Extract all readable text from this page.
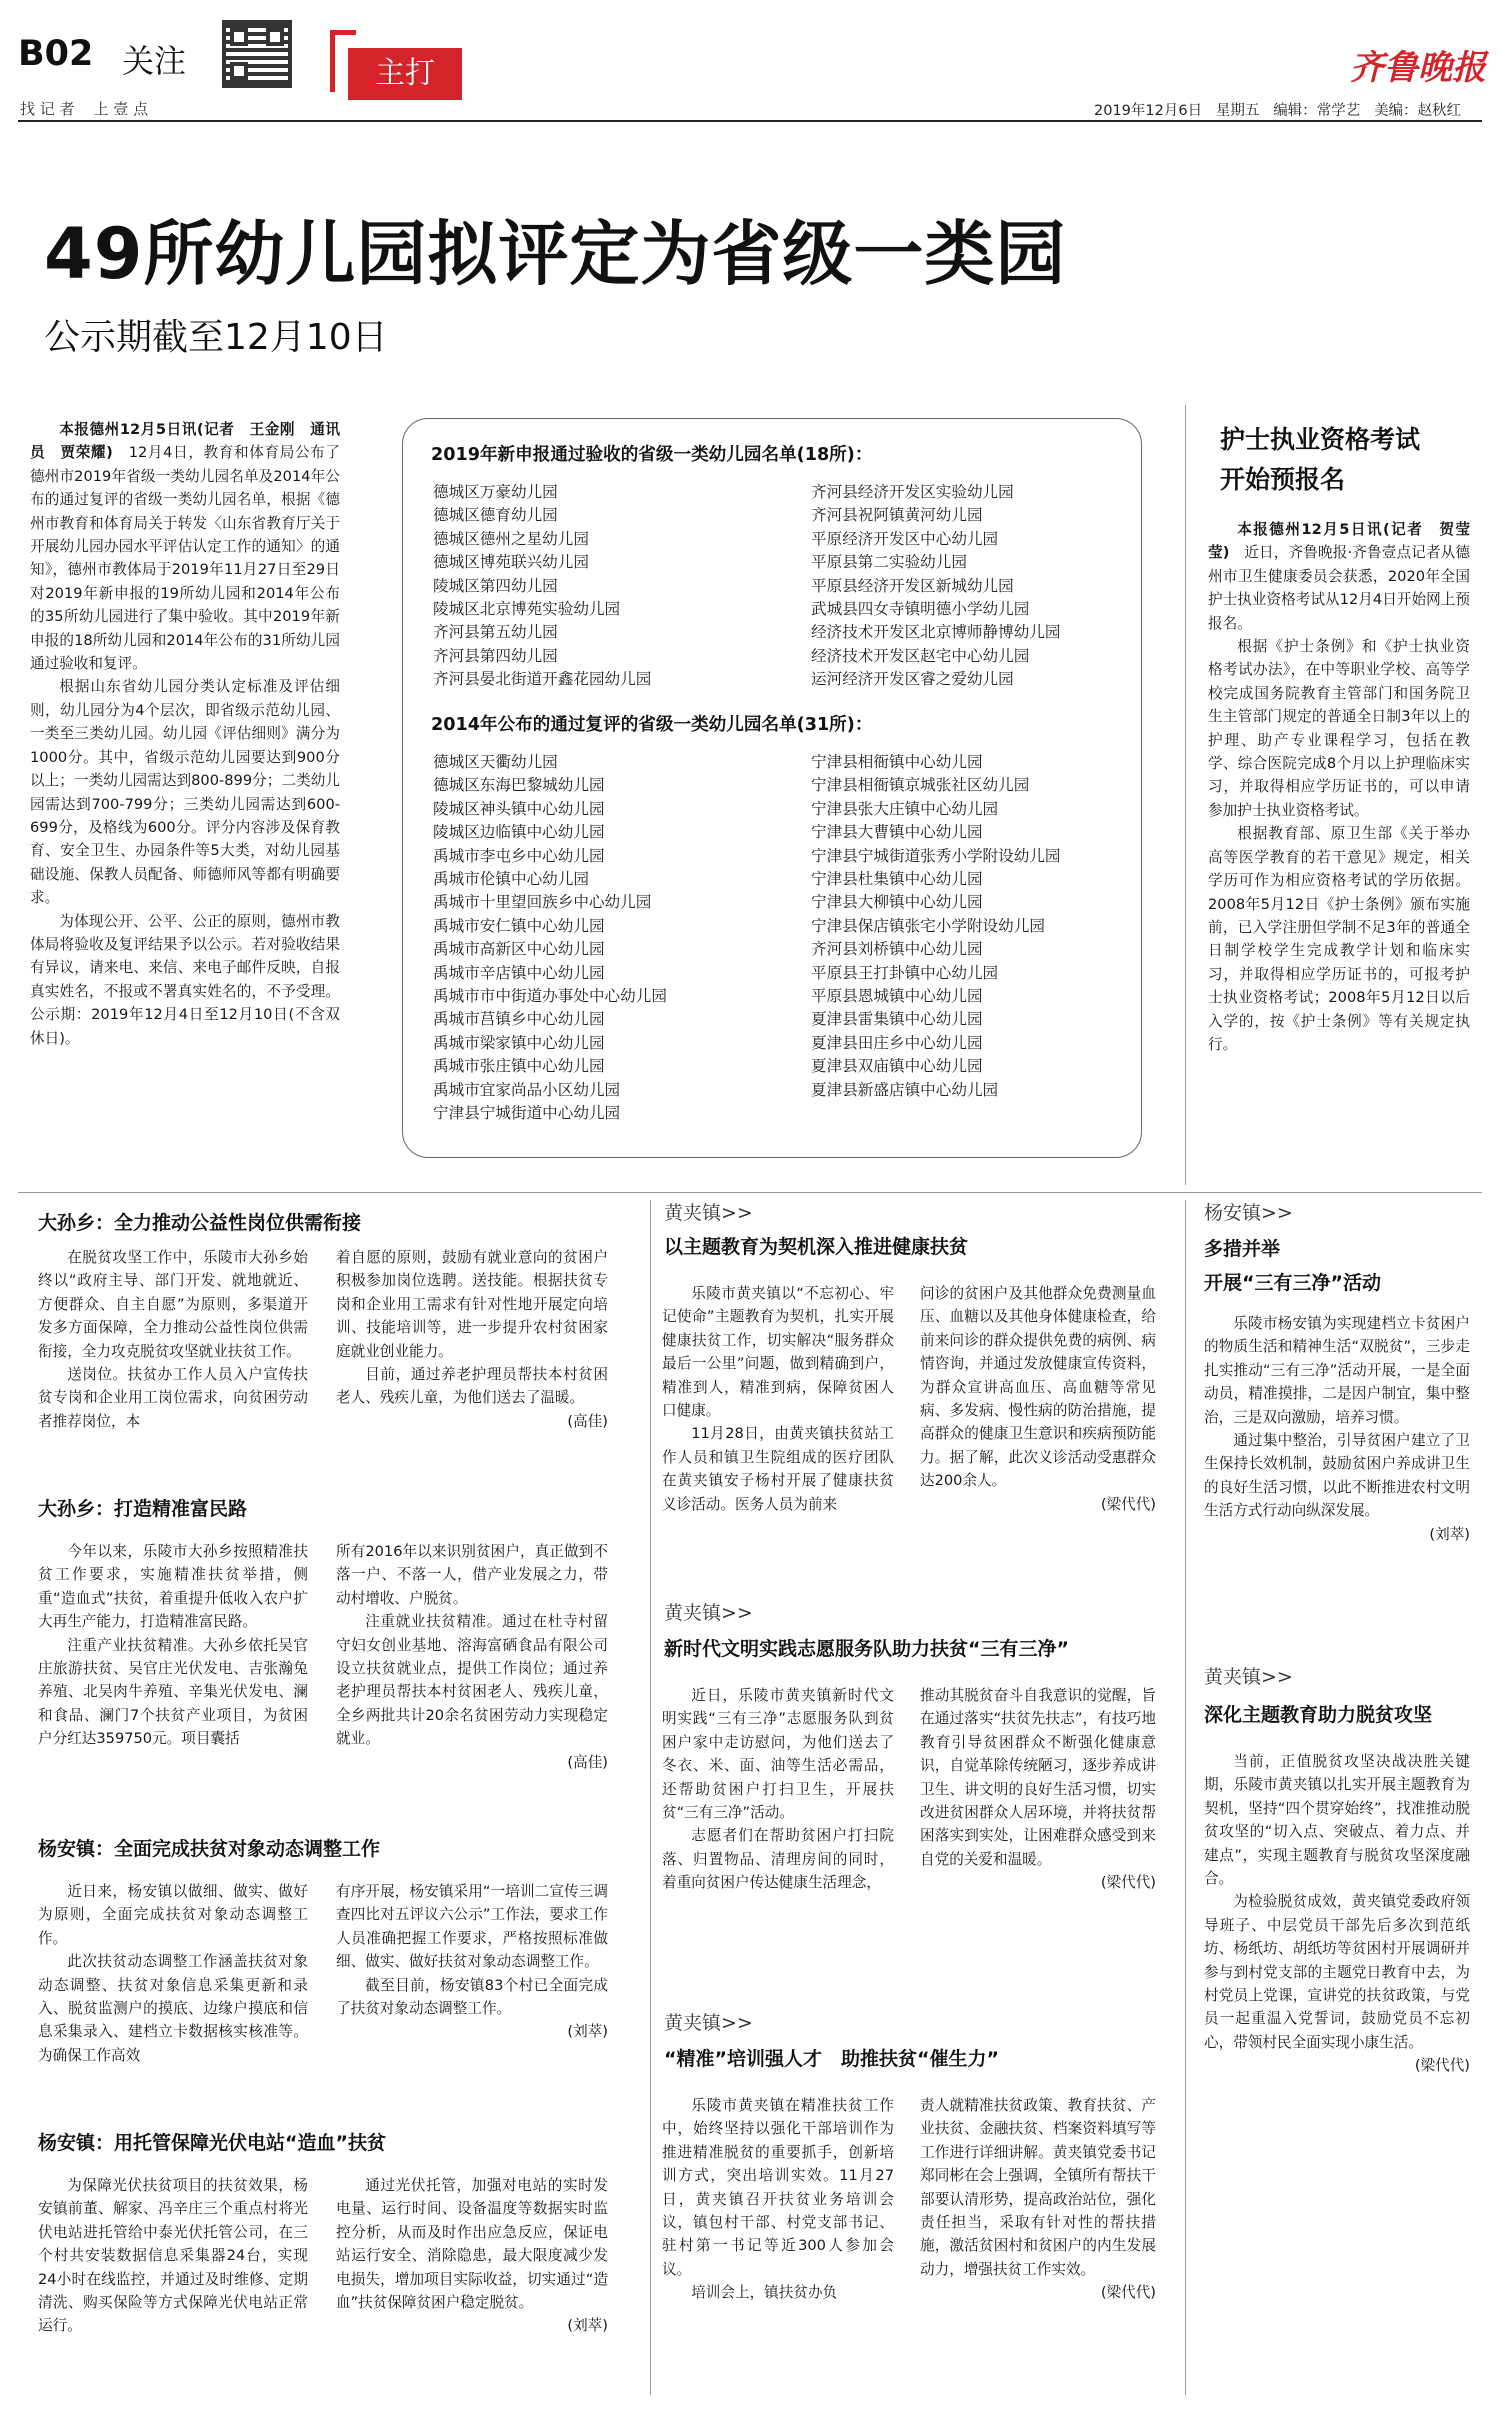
B02 关注
找 记 者    上 壹 点
主打	齐鲁晚报
2019年12月6日 星期五 编辑：常学艺 美编：赵秋红
49所幼儿园拟评定为省级一类园
公示期截至12月10日

本报德州12月5日讯(记者　王金刚　通讯员　贾荣耀)　12月4日，教育和体育局公布了德州市2019年省级一类幼儿园名单及2014年公布的通过复评的省级一类幼儿园名单，根据《德州市教育和体育局关于转发〈山东省教育厅关于开展幼儿园办园水平评估认定工作的通知〉的通知》，德州市教体局于2019年11月27日至29日对2019年新申报的19所幼儿园和2014年公布的35所幼儿园进行了集中验收。其中2019年新申报的18所幼儿园和2014年公布的31所幼儿园通过验收和复评。

根据山东省幼儿园分类认定标准及评估细则，幼儿园分为4个层次，即省级示范幼儿园、一类至三类幼儿园。幼儿园《评估细则》满分为1000分。其中，省级示范幼儿园要达到900分以上；一类幼儿园需达到800-899分；二类幼儿园需达到700-799分；三类幼儿园需达到600-699分，及格线为600分。评分内容涉及保育教育、安全卫生、办园条件等5大类，对幼儿园基础设施、保教人员配备、师德师风等都有明确要求。

为体现公开、公平、公正的原则，德州市教体局将验收及复评结果予以公示。若对验收结果有异议，请来电、来信、来电子邮件反映，自报真实姓名，不报或不署真实姓名的，不予受理。公示期：2019年12月4日至12月10日(不含双休日)。

2019年新申报通过验收的省级一类幼儿园名单(18所)：
德城区万豪幼儿园
德城区德育幼儿园
德城区德州之星幼儿园
德城区博苑联兴幼儿园
陵城区第四幼儿园
陵城区北京博苑实验幼儿园
齐河县第五幼儿园
齐河县第四幼儿园
齐河县晏北街道开鑫花园幼儿园
齐河县经济开发区实验幼儿园
齐河县祝阿镇黄河幼儿园
平原经济开发区中心幼儿园
平原县第二实验幼儿园
平原县经济开发区新城幼儿园
武城县四女寺镇明德小学幼儿园
经济技术开发区北京博师静博幼儿园
经济技术开发区赵宅中心幼儿园
运河经济开发区睿之爱幼儿园
2014年公布的通过复评的省级一类幼儿园名单(31所)：
德城区天衢幼儿园
德城区东海巴黎城幼儿园
陵城区神头镇中心幼儿园
陵城区边临镇中心幼儿园
禹城市李屯乡中心幼儿园
禹城市伦镇中心幼儿园
禹城市十里望回族乡中心幼儿园
禹城市安仁镇中心幼儿园
禹城市高新区中心幼儿园
禹城市辛店镇中心幼儿园
禹城市市中街道办事处中心幼儿园
禹城市莒镇乡中心幼儿园
禹城市梁家镇中心幼儿园
禹城市张庄镇中心幼儿园
禹城市宜家尚品小区幼儿园
宁津县宁城街道中心幼儿园
宁津县相衙镇中心幼儿园
宁津县相衙镇京城张社区幼儿园
宁津县张大庄镇中心幼儿园
宁津县大曹镇中心幼儿园
宁津县宁城街道张秀小学附设幼儿园
宁津县杜集镇中心幼儿园
宁津县大柳镇中心幼儿园
宁津县保店镇张宅小学附设幼儿园
齐河县刘桥镇中心幼儿园
平原县王打卦镇中心幼儿园
平原县恩城镇中心幼儿园
夏津县雷集镇中心幼儿园
夏津县田庄乡中心幼儿园
夏津县双庙镇中心幼儿园
夏津县新盛店镇中心幼儿园
护士执业资格考试
开始预报名

本报德州12月5日讯(记者　贺莹莹)　近日，齐鲁晚报·齐鲁壹点记者从德州市卫生健康委员会获悉，2020年全国护士执业资格考试从12月4日开始网上预报名。

根据《护士条例》和《护士执业资格考试办法》，在中等职业学校、高等学校完成国务院教育主管部门和国务院卫生主管部门规定的普通全日制3年以上的护理、助产专业课程学习，包括在教学、综合医院完成8个月以上护理临床实习，并取得相应学历证书的，可以申请参加护士执业资格考试。

根据教育部、原卫生部《关于举办高等医学教育的若干意见》规定，相关学历可作为相应资格考试的学历依据。2008年5月12日《护士条例》颁布实施前，已入学注册但学制不足3年的普通全日制学校学生完成教学计划和临床实习，并取得相应学历证书的，可报考护士执业资格考试；2008年5月12日以后入学的，按《护士条例》等有关规定执行。

大孙乡：全力推动公益性岗位供需衔接

在脱贫攻坚工作中，乐陵市大孙乡始终以“政府主导、部门开发、就地就近、方便群众、自主自愿”为原则，多渠道开发多方面保障，全力推动公益性岗位供需衔接，全力攻克脱贫攻坚就业扶贫工作。

送岗位。扶贫办工作人员入户宣传扶贫专岗和企业用工岗位需求，向贫困劳动者推荐岗位，本

着自愿的原则，鼓励有就业意向的贫困户积极参加岗位选聘。送技能。根据扶贫专岗和企业用工需求有针对性地开展定向培训、技能培训等，进一步提升农村贫困家庭就业创业能力。

目前，通过养老护理员帮扶本村贫困老人、残疾儿童，为他们送去了温暖。

(高佳)

大孙乡：打造精准富民路

今年以来，乐陵市大孙乡按照精准扶贫工作要求，实施精准扶贫举措，侧重“造血式”扶贫，着重提升低收入农户扩大再生产能力，打造精准富民路。

注重产业扶贫精准。大孙乡依托吴官庄旅游扶贫、吴官庄光伏发电、吉张瀚兔养殖、北吴肉牛养殖、辛集光伏发电、澜和食品、澜门7个扶贫产业项目，为贫困户分红达359750元。项目囊括

所有2016年以来识别贫困户，真正做到不落一户、不落一人，借产业发展之力，带动村增收、户脱贫。

注重就业扶贫精准。通过在杜寺村留守妇女创业基地、溶海富硒食品有限公司设立扶贫就业点，提供工作岗位；通过养老护理员帮扶本村贫困老人、残疾儿童，全乡两批共计20余名贫困劳动力实现稳定就业。

(高佳)

杨安镇：全面完成扶贫对象动态调整工作

近日来，杨安镇以做细、做实、做好为原则，全面完成扶贫对象动态调整工作。

此次扶贫动态调整工作涵盖扶贫对象动态调整、扶贫对象信息采集更新和录入、脱贫监测户的摸底、边缘户摸底和信息采集录入、建档立卡数据核实核准等。为确保工作高效

有序开展，杨安镇采用“一培训二宣传三调查四比对五评议六公示”工作法，要求工作人员准确把握工作要求，严格按照标准做细、做实、做好扶贫对象动态调整工作。

截至目前，杨安镇83个村已全面完成了扶贫对象动态调整工作。

(刘萃)

杨安镇：用托管保障光伏电站“造血”扶贫

为保障光伏扶贫项目的扶贫效果，杨安镇前董、解家、冯辛庄三个重点村将光伏电站进托管给中泰光伏托管公司，在三个村共安装数据信息采集器24台，实现24小时在线监控，并通过及时维修、定期清洗、购买保险等方式保障光伏电站正常运行。

通过光伏托管，加强对电站的实时发电量、运行时间、设备温度等数据实时监控分析，从而及时作出应急反应，保证电站运行安全、消除隐患，最大限度减少发电损失，增加项目实际收益，切实通过“造血”扶贫保障贫困户稳定脱贫。

(刘萃)

黄夹镇>>
以主题教育为契机深入推进健康扶贫

乐陵市黄夹镇以“不忘初心、牢记使命”主题教育为契机，扎实开展健康扶贫工作，切实解决“服务群众最后一公里”问题，做到精确到户，精准到人，精准到病，保障贫困人口健康。

11月28日，由黄夹镇扶贫站工作人员和镇卫生院组成的医疗团队在黄夹镇安子杨村开展了健康扶贫义诊活动。医务人员为前来

问诊的贫困户及其他群众免费测量血压、血糖以及其他身体健康检查，给前来问诊的群众提供免费的病例、病情咨询，并通过发放健康宣传资料，为群众宣讲高血压、高血糖等常见病、多发病、慢性病的防治措施，提高群众的健康卫生意识和疾病预防能力。据了解，此次义诊活动受惠群众达200余人。

(梁代代)

黄夹镇>>
新时代文明实践志愿服务队助力扶贫“三有三净”

近日，乐陵市黄夹镇新时代文明实践“三有三净”志愿服务队到贫困户家中走访慰问，为他们送去了冬衣、米、面、油等生活必需品，还帮助贫困户打扫卫生，开展扶贫“三有三净”活动。

志愿者们在帮助贫困户打扫院落、归置物品、清理房间的同时，着重向贫困户传达健康生活理念，

推动其脱贫奋斗自我意识的觉醒，旨在通过落实“扶贫先扶志”，有技巧地教育引导贫困群众不断强化健康意识，自觉革除传统陋习，逐步养成讲卫生、讲文明的良好生活习惯，切实改进贫困群众人居环境，并将扶贫帮困落实到实处，让困难群众感受到来自党的关爱和温暖。

(梁代代)

黄夹镇>>
“精准”培训强人才　助推扶贫“催生力”

乐陵市黄夹镇在精准扶贫工作中，始终坚持以强化干部培训作为推进精准脱贫的重要抓手，创新培训方式，突出培训实效。11月27日，黄夹镇召开扶贫业务培训会议，镇包村干部、村党支部书记、驻村第一书记等近300人参加会议。

培训会上，镇扶贫办负

责人就精准扶贫政策、教育扶贫、产业扶贫、金融扶贫、档案资料填写等工作进行详细讲解。黄夹镇党委书记郑同彬在会上强调，全镇所有帮扶干部要认清形势，提高政治站位，强化责任担当，采取有针对性的帮扶措施，激活贫困村和贫困户的内生发展动力，增强扶贫工作实效。

(梁代代)

杨安镇>>
多措并举
开展“三有三净”活动

乐陵市杨安镇为实现建档立卡贫困户的物质生活和精神生活“双脱贫”，三步走扎实推动“三有三净”活动开展，一是全面动员，精准摸排，二是因户制宜，集中整治，三是双向激励，培养习惯。

通过集中整治，引导贫困户建立了卫生保持长效机制，鼓励贫困户养成讲卫生的良好生活习惯，以此不断推进农村文明生活方式行动向纵深发展。

(刘萃)

黄夹镇>>
深化主题教育助力脱贫攻坚

当前，正值脱贫攻坚决战决胜关键期，乐陵市黄夹镇以扎实开展主题教育为契机，坚持“四个贯穿始终”，找准推动脱贫攻坚的“切入点、突破点、着力点、并建点”，实现主题教育与脱贫攻坚深度融合。

为检验脱贫成效，黄夹镇党委政府领导班子、中层党员干部先后多次到范纸坊、杨纸坊、胡纸坊等贫困村开展调研并参与到村党支部的主题党日教育中去，为村党员上党课，宣讲党的扶贫政策，与党员一起重温入党誓词，鼓励党员不忘初心，带领村民全面实现小康生活。

(梁代代)
